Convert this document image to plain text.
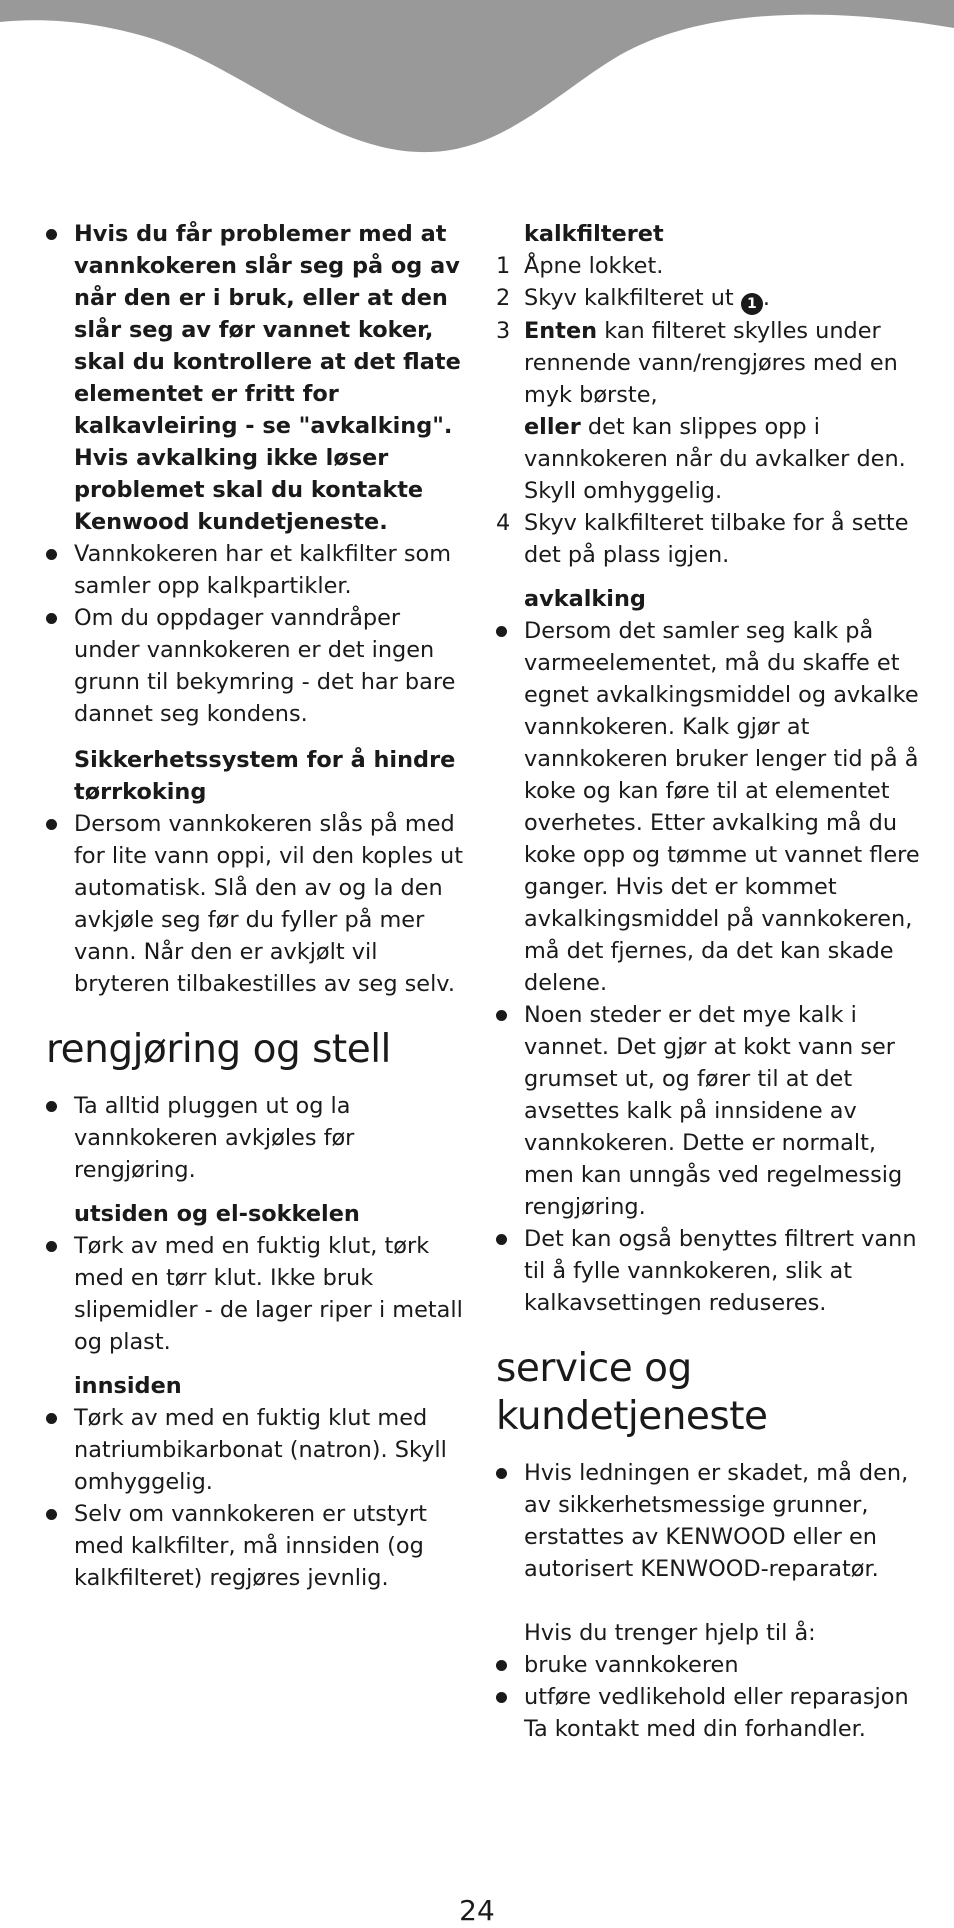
Hvis du får problemer med at vannkokeren slår seg på og av når den er i bruk, eller at den slår seg av før vannet koker, skal du kontrollere at det flate elementet er fritt for kalkavleiring - se "avkalking". Hvis avkalking ikke løser problemet skal du kontakte Kenwood kundetjeneste.

Vannkokeren har et kalkfilter som samler opp kalkpartikler.

Om du oppdager vanndråper under vannkokeren er det ingen grunn til bekymring - det har bare dannet seg kondens.

Sikkerhetssystem for å hindre tørrkoking

Dersom vannkokeren slås på med for lite vann oppi, vil den koples ut automatisk. Slå den av og la den avkjøle seg før du fyller på mer vann. Når den er avkjølt vil bryteren tilbakestilles av seg selv.

rengjøring og stell

Ta alltid pluggen ut og la vannkokeren avkjøles før rengjøring.

utsiden og el-sokkelen

Tørk av med en fuktig klut, tørk med en tørr klut. Ikke bruk slipemidler - de lager riper i metall og plast.

innsiden

Tørk av med en fuktig klut med natriumbikarbonat (natron). Skyll omhyggelig.

Selv om vannkokeren er utstyrt med kalkfilter, må innsiden (og kalkfilteret) regjøres jevnlig.

kalkfilteret

1 Åpne lokket.

2 Skyv kalkfilteret ut 1 .

3 Enten kan filteret skylles under rennende vann/rengjøres med en myk børste,

eller det kan slippes opp i vannkokeren når du avkalker den. Skyll omhyggelig.

4 Skyv kalkfilteret tilbake for å sette det på plass igjen.

avkalking

Dersom det samler seg kalk på varmeelementet, må du skaffe et egnet avkalkingsmiddel og avkalke vannkokeren. Kalk gjør at vannkokeren bruker lenger tid på å koke og kan føre til at elementet overhetes. Etter avkalking må du koke opp og tømme ut vannet flere ganger. Hvis det er kommet avkalkingsmiddel på vannkokeren, må det fjernes, da det kan skade delene.

Noen steder er det mye kalk i vannet. Det gjør at kokt vann ser grumset ut, og fører til at det avsettes kalk på innsidene av vannkokeren. Dette er normalt, men kan unngås ved regelmessig rengjøring.

Det kan også benyttes filtrert vann til å fylle vannkokeren, slik at kalkavsettingen reduseres.

service og kundetjeneste

Hvis ledningen er skadet, må den, av sikkerhetsmessige grunner, erstattes av KENWOOD eller en autorisert KENWOOD-reparatør.

Hvis du trenger hjelp til å:

bruke vannkokeren

utføre vedlikehold eller reparasjon

Ta kontakt med din forhandler.

24
